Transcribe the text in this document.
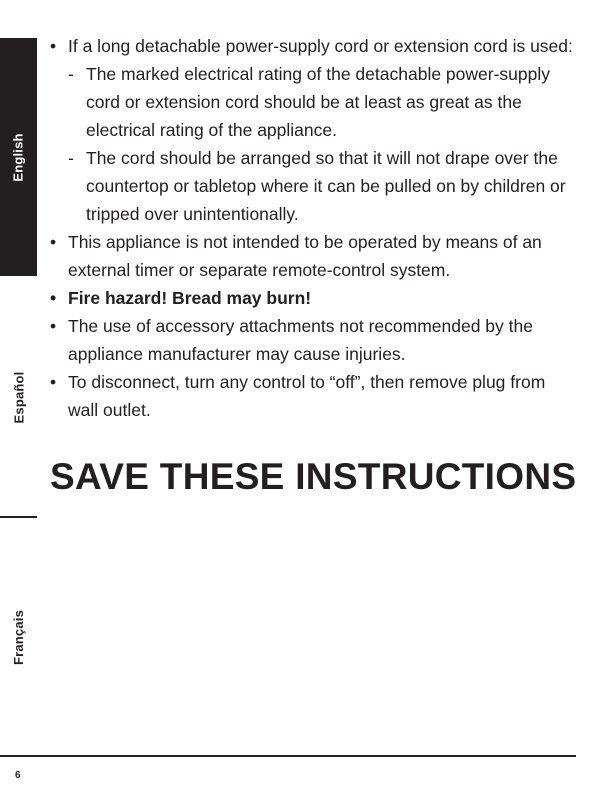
English
Español
Français
• If a long detachable power-supply cord or extension cord is used:
- The marked electrical rating of the detachable power-supply cord or extension cord should be at least as great as the electrical rating of the appliance.
- The cord should be arranged so that it will not drape over the countertop or tabletop where it can be pulled on by children or tripped over unintentionally.
• This appliance is not intended to be operated by means of an external timer or separate remote-control system.
• Fire hazard! Bread may burn!
• The use of accessory attachments not recommended by the appliance manufacturer may cause injuries.
• To disconnect, turn any control to “off”, then remove plug from wall outlet.
SAVE THESE INSTRUCTIONS
6
